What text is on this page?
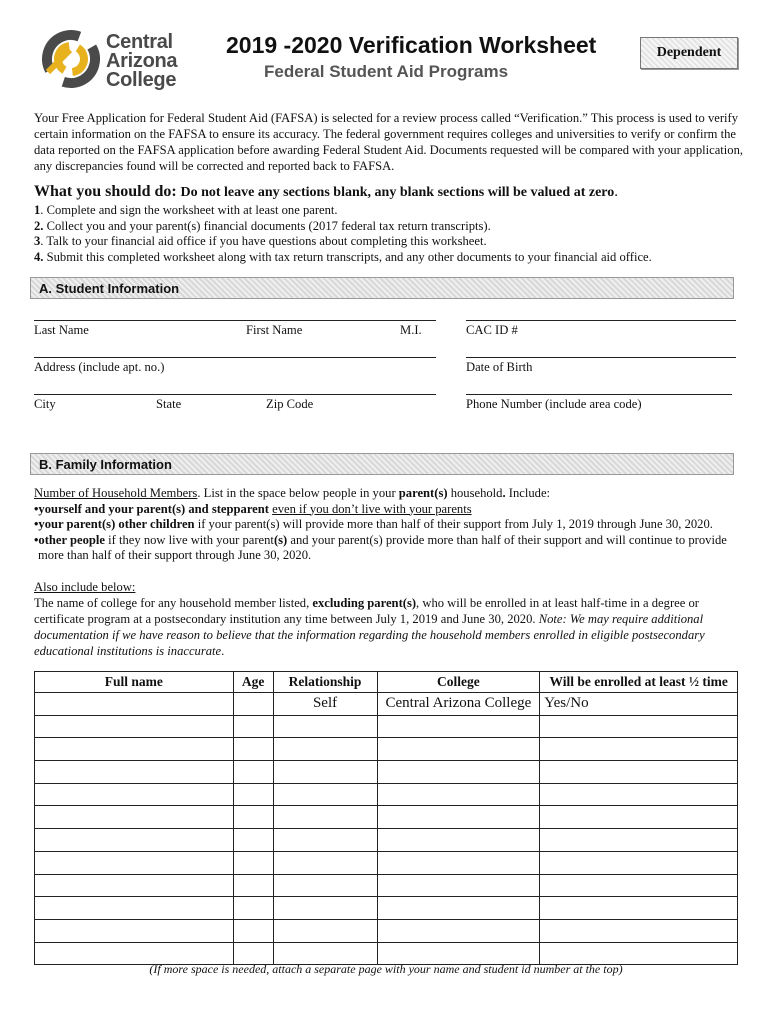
Central
Arizona
College
2019 -2020 Verification Worksheet
Federal Student Aid Programs
Dependent
Your Free Application for Federal Student Aid (FAFSA) is selected for a review process called “Verification.” This process is used to verify certain information on the FAFSA to ensure its accuracy. The federal government requires colleges and universities to verify or confirm the data reported on the FAFSA application before awarding Federal Student Aid. Documents requested will be compared with your application, any discrepancies found will be corrected and reported back to FAFSA.
What you should do: Do not leave any sections blank, any blank sections will be valued at zero.
1. Complete and sign the worksheet with at least one parent.
2. Collect you and your parent(s) financial documents (2017 federal tax return transcripts).
3. Talk to your financial aid office if you have questions about completing this worksheet.
4. Submit this completed worksheet along with tax return transcripts, and any other documents to your financial aid office.
A. Student Information
Last Name	First Name	M.I.	CAC ID #
Address (include apt. no.)	Date of Birth
City	State	Zip Code	Phone Number (include area code)
B. Family Information
Number of Household Members. List in the space below people in your parent(s) household. Include:
•yourself and your parent(s) and stepparent even if you don’t live with your parents
•your parent(s) other children if your parent(s) will provide more than half of their support from July 1, 2019 through June 30, 2020.
•other people if they now live with your parent(s) and your parent(s) provide more than half of their support and will continue to provide
more than half of their support through June 30, 2020.
Also include below:
The name of college for any household member listed, excluding parent(s), who will be enrolled in at least half-time in a degree or certificate program at a postsecondary institution any time between July 1, 2019 and June 30, 2020. Note: We may require additional documentation if we have reason to believe that the information regarding the household members enrolled in eligible postsecondary educational institutions is inaccurate.
Full name	Age	Relationship	College	Will be enrolled at least ½ time
		Self	Central Arizona College	Yes/No

(If more space is needed, attach a separate page with your name and student id number at the top)
